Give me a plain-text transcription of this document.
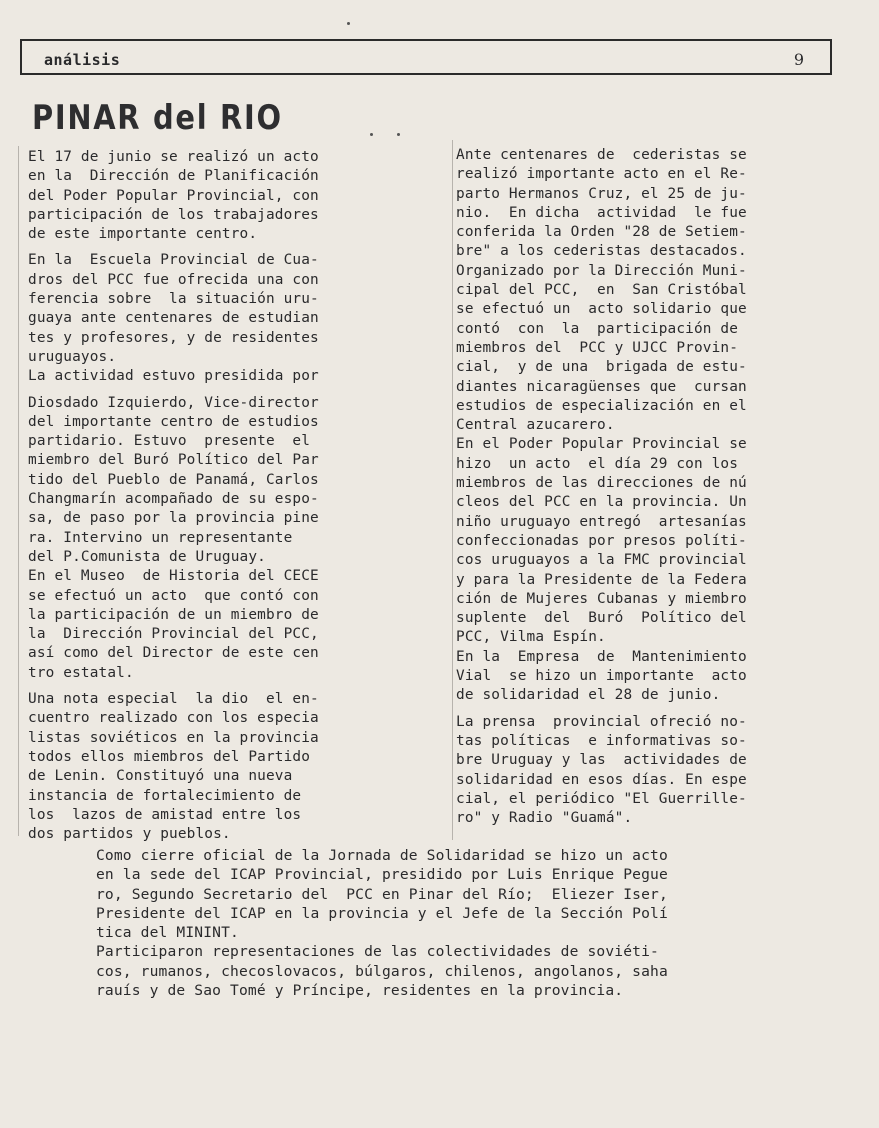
análisis	9
PINAR del RIO

El 17 de junio se realizó un acto

en la  Dirección de Planificación

del Poder Popular Provincial, con

participación de los trabajadores

de este importante centro.

En la  Escuela Provincial de Cua-

dros del PCC fue ofrecida una con

ferencia sobre  la situación uru-

guaya ante centenares de estudian

tes y profesores, y de residentes

uruguayos.

La actividad estuvo presidida por

Diosdado Izquierdo, Vice-director

del importante centro de estudios

partidario. Estuvo  presente  el

miembro del Buró Político del Par

tido del Pueblo de Panamá, Carlos

Changmarín acompañado de su espo-

sa, de paso por la provincia pine

ra. Intervino un representante

del P.Comunista de Uruguay.

En el Museo  de Historia del CECE

se efectuó un acto  que contó con

la participación de un miembro de

la  Dirección Provincial del PCC,

así como del Director de este cen

tro estatal.

Una nota especial  la dio  el en-

cuentro realizado con los especia

listas soviéticos en la provincia

todos ellos miembros del Partido

de Lenin. Constituyó una nueva

instancia de fortalecimiento de

los  lazos de amistad entre los

dos partidos y pueblos.

Ante centenares de  cederistas se

realizó importante acto en el Re-

parto Hermanos Cruz, el 25 de ju-

nio.  En dicha  actividad  le fue

conferida la Orden "28 de Setiem-

bre" a los cederistas destacados.

Organizado por la Dirección Muni-

cipal del PCC,  en  San Cristóbal

se efectuó un  acto solidario que

contó  con  la  participación de

miembros del  PCC y UJCC Provin-

cial,  y de una  brigada de estu-

diantes nicaragüenses que  cursan

estudios de especialización en el

Central azucarero.

En el Poder Popular Provincial se

hizo  un acto  el día 29 con los

miembros de las direcciones de nú

cleos del PCC en la provincia. Un

niño uruguayo entregó  artesanías

confeccionadas por presos políti-

cos uruguayos a la FMC provincial

y para la Presidente de la Federa

ción de Mujeres Cubanas y miembro

suplente  del  Buró  Político del

PCC, Vilma Espín.

En la  Empresa  de  Mantenimiento

Vial  se hizo un importante  acto

de solidaridad el 28 de junio.

La prensa  provincial ofreció no-

tas políticas  e informativas so-

bre Uruguay y las  actividades de

solidaridad en esos días. En espe

cial, el periódico "El Guerrille-

ro" y Radio "Guamá".

Como cierre oficial de la Jornada de Solidaridad se hizo un acto

en la sede del ICAP Provincial, presidido por Luis Enrique Pegue

ro, Segundo Secretario del  PCC en Pinar del Río;  Eliezer Iser,

Presidente del ICAP en la provincia y el Jefe de la Sección Polí

tica del MININT.

Participaron representaciones de las colectividades de soviéti-

cos, rumanos, checoslovacos, búlgaros, chilenos, angolanos, saha

rauís y de Sao Tomé y Príncipe, residentes en la provincia.
